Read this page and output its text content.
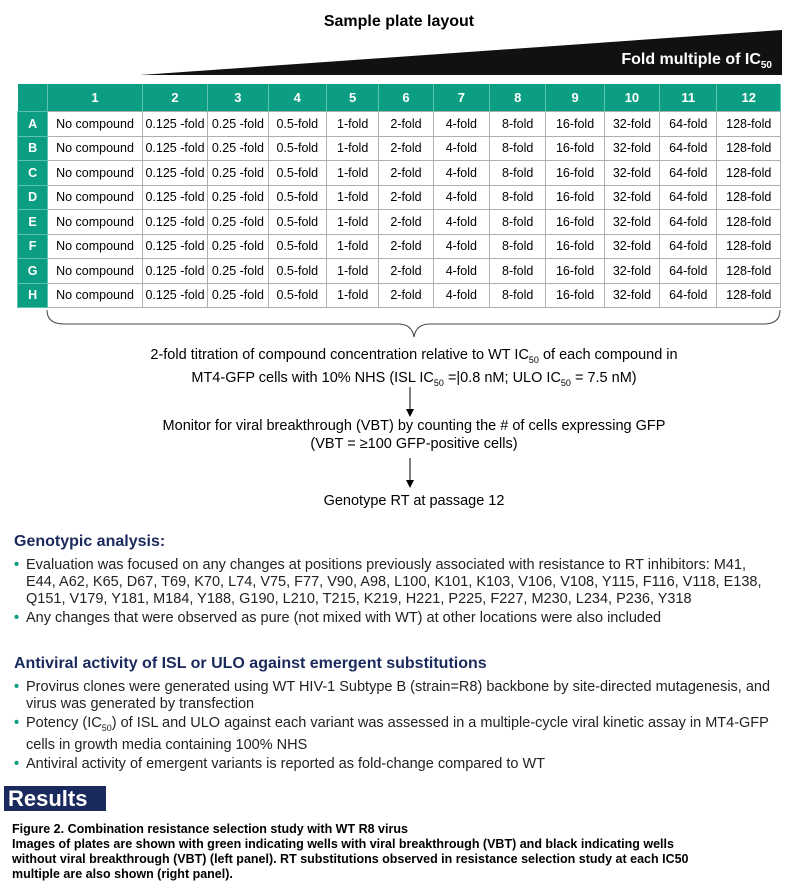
Sample plate layout
Fold multiple of $IC_{50}$
	1	2	3	4	5	6	7	8	9	10	11	12
A	No compound	0.125 -fold	0.25 -fold	0.5-fold	1-fold	2-fold	4-fold	8-fold	16-fold	32-fold	64-fold	128-fold
B	No compound	0.125 -fold	0.25 -fold	0.5-fold	1-fold	2-fold	4-fold	8-fold	16-fold	32-fold	64-fold	128-fold
C	No compound	0.125 -fold	0.25 -fold	0.5-fold	1-fold	2-fold	4-fold	8-fold	16-fold	32-fold	64-fold	128-fold
D	No compound	0.125 -fold	0.25 -fold	0.5-fold	1-fold	2-fold	4-fold	8-fold	16-fold	32-fold	64-fold	128-fold
E	No compound	0.125 -fold	0.25 -fold	0.5-fold	1-fold	2-fold	4-fold	8-fold	16-fold	32-fold	64-fold	128-fold
F	No compound	0.125 -fold	0.25 -fold	0.5-fold	1-fold	2-fold	4-fold	8-fold	16-fold	32-fold	64-fold	128-fold
G	No compound	0.125 -fold	0.25 -fold	0.5-fold	1-fold	2-fold	4-fold	8-fold	16-fold	32-fold	64-fold	128-fold
H	No compound	0.125 -fold	0.25 -fold	0.5-fold	1-fold	2-fold	4-fold	8-fold	16-fold	32-fold	64-fold	128-fold
2-fold titration of compound concentration relative to WT $IC_{50}$ of each compound in
MT4-GFP cells with 10% NHS (ISL $IC_{50} =|0.8$ nM; ULO $IC_{50} = 7.5$ nM)
Monitor for viral breakthrough (VBT) by counting the # of cells expressing GFP
(VBT = ≥100 GFP-positive cells)
Genotype RT at passage 12
Genotypic analysis:
• Evaluation was focused on any changes at positions previously associated with resistance to RT inhibitors: M41, E44, A62, K65, D67, T69, K70, L74, V75, F77, V90, A98, L100, K101, K103, V106, V108, Y115, F116, V118, E138, Q151, V179, Y181, M184, Y188, G190, L210, T215, K219, H221, P225, F227, M230, L234, P236, Y318
• Any changes that were observed as pure (not mixed with WT) at other locations were also included
Antiviral activity of ISL or ULO against emergent substitutions
• Provirus clones were generated using WT HIV-1 Subtype B (strain=R8) backbone by site-directed mutagenesis, and virus was generated by transfection
• Potency $(IC_{50})$ of ISL and ULO against each variant was assessed in a multiple-cycle viral kinetic assay in MT4-GFP cells in growth media containing 100% NHS
• Antiviral activity of emergent variants is reported as fold-change compared to WT
Results
Figure 2. Combination resistance selection study with WT R8 virus
Images of plates are shown with green indicating wells with viral breakthrough (VBT) and black indicating wells without viral breakthrough (VBT) (left panel). RT substitutions observed in resistance selection study at each IC50 multiple are also shown (right panel).
